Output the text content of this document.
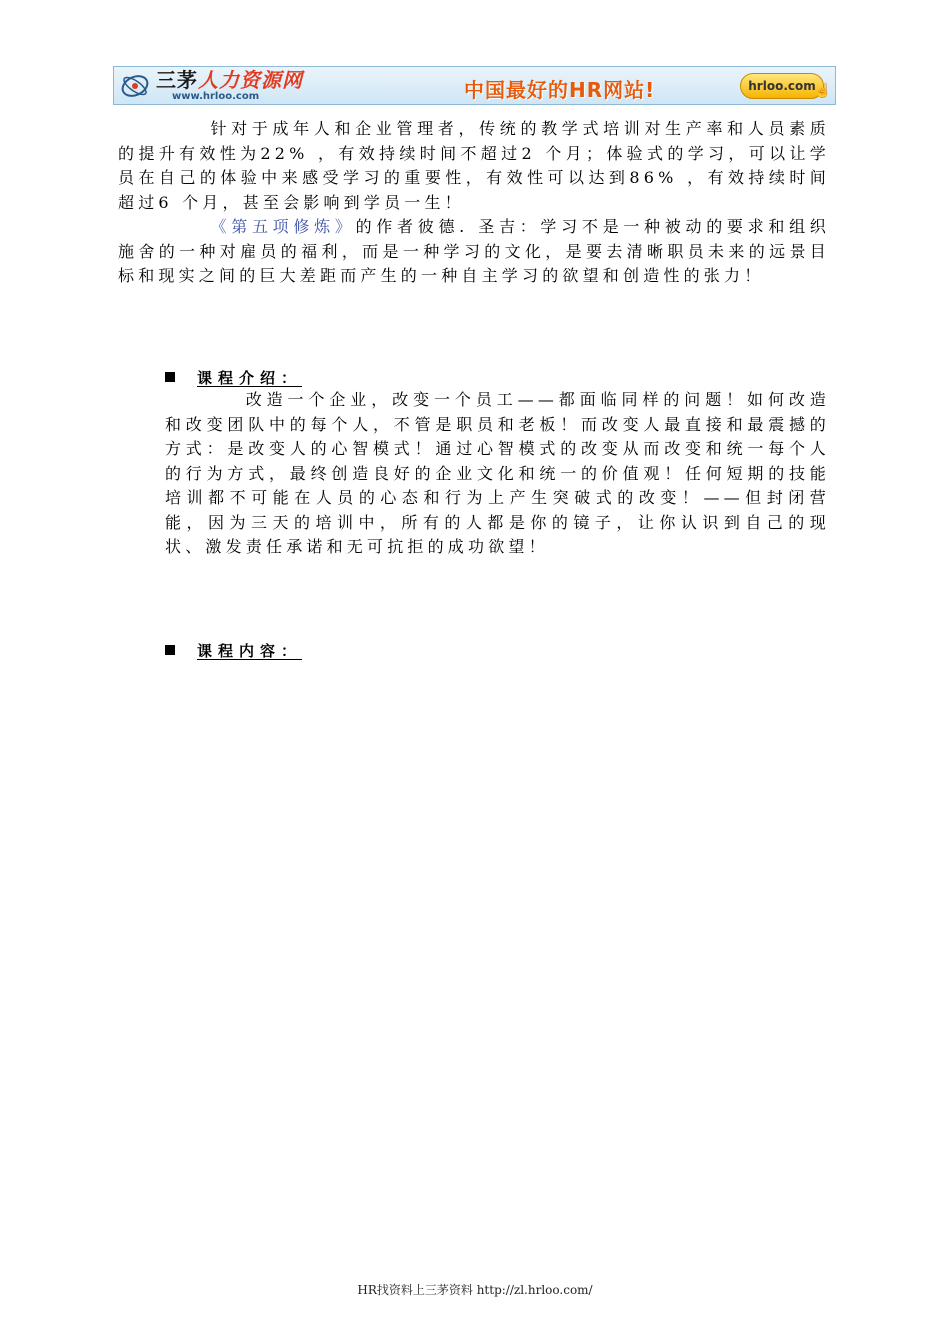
三茅人力资源网
www.hrloo.com	中国最好的HR网站!	hrloo.com
☝

针对于成年人和企业管理者，传统的教学式培训对生产率和人员素质的提升有效性为22% ，有效持续时间不超过2 个月；体验式的学习，可以让学员在自己的体验中来感受学习的重要性，有效性可以达到86% ，有效持续时间超过6 个月，甚至会影响到学员一生！

《第五项修炼》的作者彼德. 圣吉：学习不是一种被动的要求和组织施舍的一种对雇员的福利，而是一种学习的文化，是要去清晰职员未来的远景目标和现实之间的巨大差距而产生的一种自主学习的欲望和创造性的张力！

课程介绍：

改造一个企业，改变一个员工——都面临同样的问题！如何改造和改变团队中的每个人，不管是职员和老板！而改变人最直接和最震撼的方式：是改变人的心智模式！通过心智模式的改变从而改变和统一每个人的行为方式，最终创造良好的企业文化和统一的价值观！任何短期的技能培训都不可能在人员的心态和行为上产生突破式的改变！——但封闭营能，因为三天的培训中，所有的人都是你的镜子，让你认识到自己的现状、激发责任承诺和无可抗拒的成功欲望！

课程内容：
HR找资料上三茅资料 http://zl.hrloo.com/
